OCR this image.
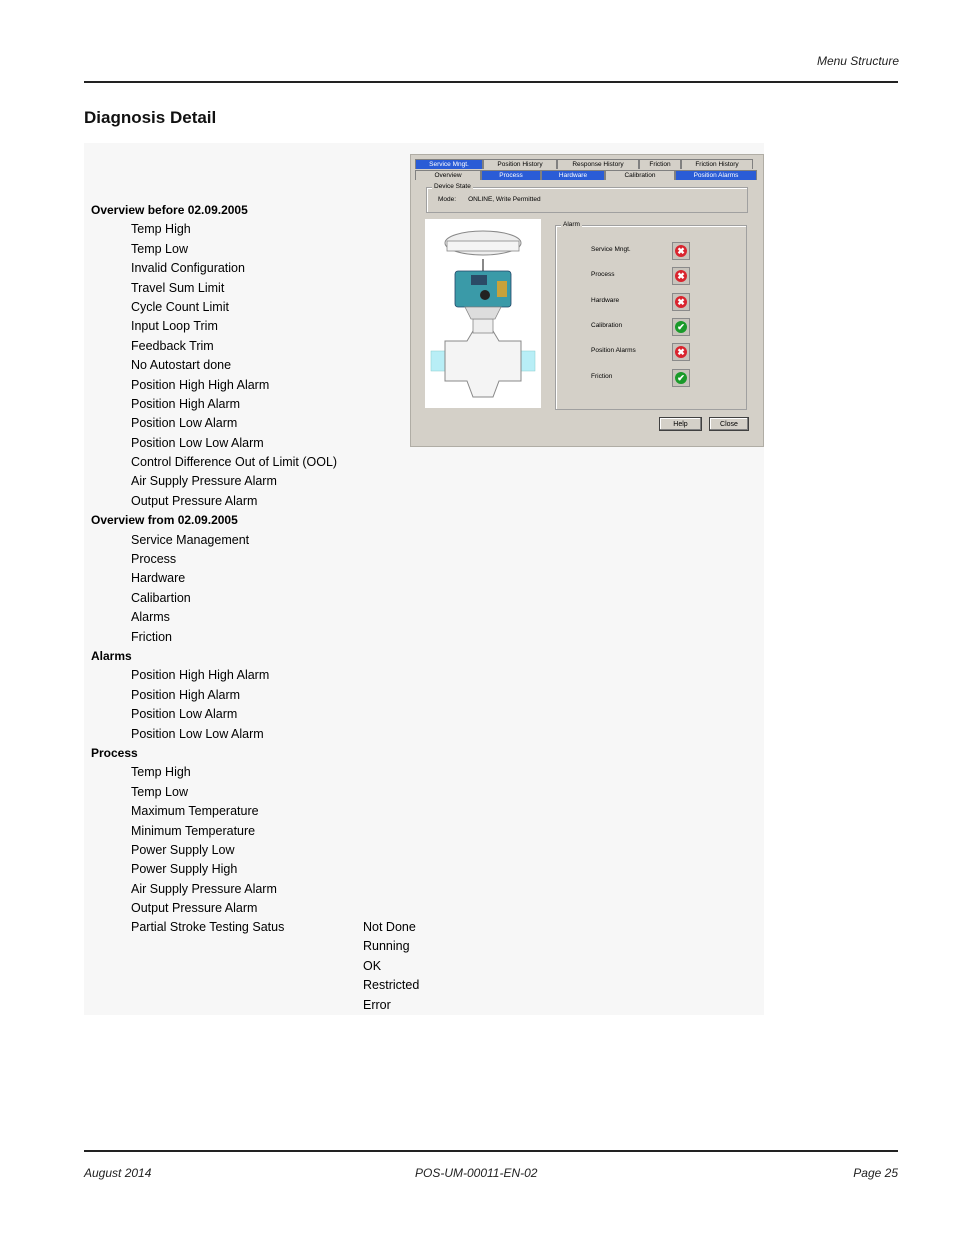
Menu Structure
Diagnosis Detail
Overview before 02.09.2005
Temp High
Temp Low
Invalid Configuration
Travel Sum Limit
Cycle Count Limit
Input Loop Trim
Feedback Trim
No Autostart done
Position High High Alarm
Position High Alarm
Position Low Alarm
Position Low Low Alarm
Control Difference Out of Limit (OOL)
Air Supply Pressure Alarm
Output Pressure Alarm
Overview from 02.09.2005
Service Management
Process
Hardware
Calibartion
Alarms
Friction
Alarms
Position High High Alarm
Position High Alarm
Position Low Alarm
Position Low Low Alarm
Process
Temp High
Temp Low
Maximum Temperature
Minimum Temperature
Power Supply Low
Power Supply High
Air Supply Pressure Alarm
Output Pressure Alarm
Partial Stroke Testing Satus	Not Done
Running
OK
Restricted
Error
Service Mngt.	Position History	Response History	Friction	Friction History
Overview	Process	Hardware	Calibration	Position Alarms
Device State
Mode: ONLINE, Write Permitted
Alarm
Service Mngt.	✖
Process	✖
Hardware	✖
Calibration	✔
Position Alarms	✖
Friction	✔
Help	Close
August 2014	POS-UM-00011-EN-02	Page 25
